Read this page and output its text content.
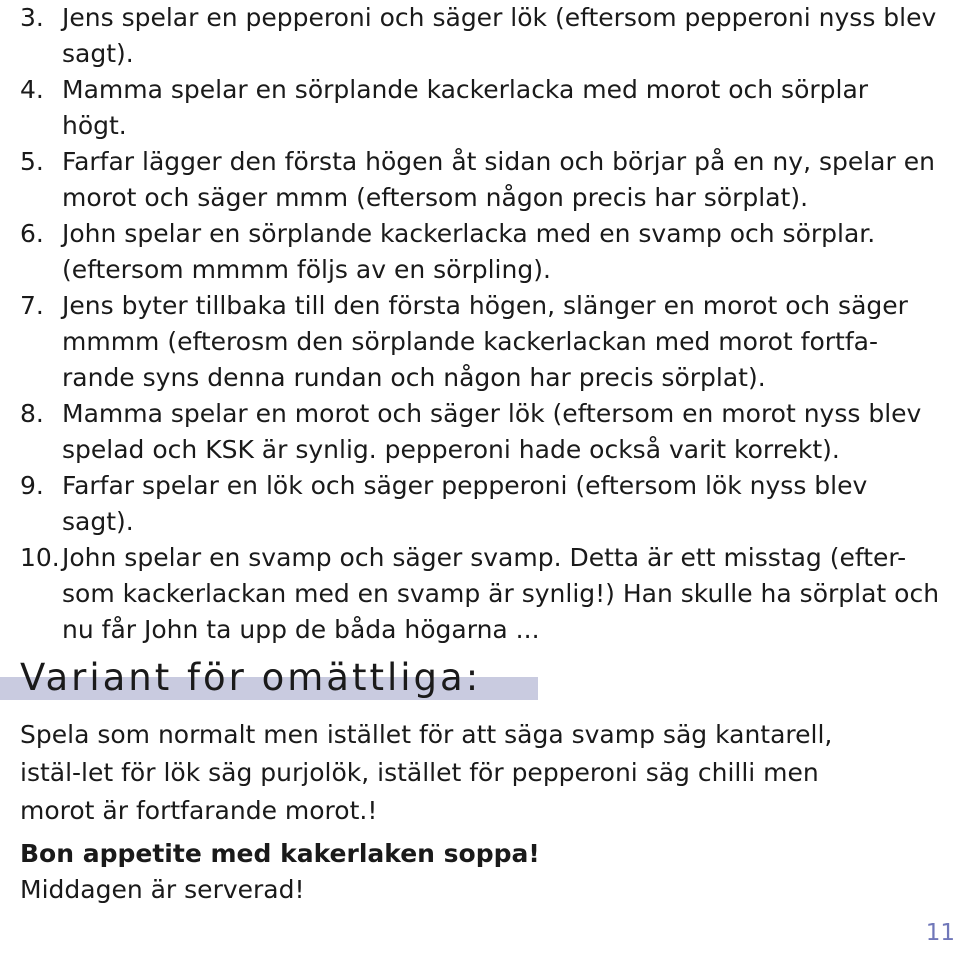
3. Jens spelar en pepperoni och säger lök (eftersom pepperoni nyss blev sagt).
4. Mamma spelar en sörplande kackerlacka med morot och sörplar högt.
5. Farfar lägger den första högen åt sidan och börjar på en ny, spelar en morot och säger mmm (eftersom någon precis har sörplat).
6. John spelar en sörplande kackerlacka med en svamp och sörplar. (eftersom mmmm följs av en sörpling).
7. Jens byter tillbaka till den första högen, slänger en morot och säger mmmm (efterosm den sörplande kackerlackan med morot fortfa-rande syns denna rundan och någon har precis sörplat).
8. Mamma spelar en morot och säger lök (eftersom en morot nyss blev spelad och KSK är synlig. pepperoni hade också varit korrekt).
9. Farfar spelar en lök och säger pepperoni (eftersom lök nyss blev sagt).
10. John spelar en svamp och säger svamp. Detta är ett misstag (efter-som kackerlackan med en svamp är synlig!) Han skulle ha sörplat och nu får John ta upp de båda högarna ...
Variant för omättliga:

Spela som normalt men istället för att säga svamp säg kantarell, istäl-let för lök säg purjolök, istället för pepperoni säg chilli men morot är fortfarande morot.!

Bon appetite med kakerlaken soppa!

Middagen är serverad!

11
